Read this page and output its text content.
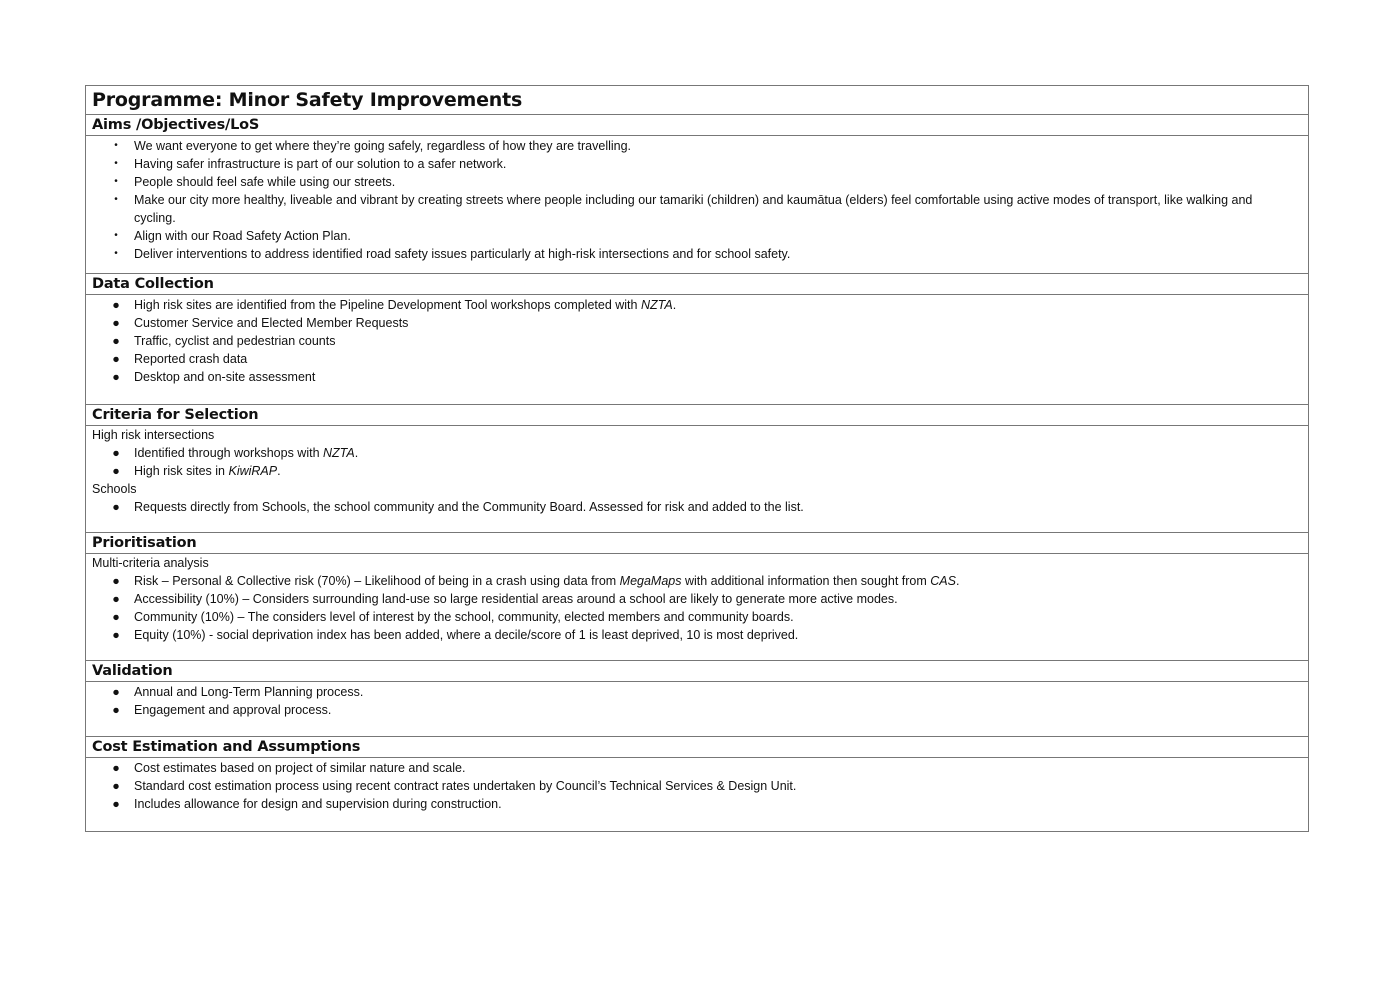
Programme: Minor Safety Improvements
Aims /Objectives/LoS
•	We want everyone to get where they’re going safely, regardless of how they are travelling.
•	Having safer infrastructure is part of our solution to a safer network.
•	People should feel safe while using our streets.
•	Make our city more healthy, liveable and vibrant by creating streets where people including our tamariki (children) and kaumātua (elders) feel comfortable using active modes of transport, like walking and cycling.
•	Align with our Road Safety Action Plan.
•	Deliver interventions to address identified road safety issues particularly at high-risk intersections and for school safety.
Data Collection
● High risk sites are identified from the Pipeline Development Tool workshops completed with NZTA.
● Customer Service and Elected Member Requests
● Traffic, cyclist and pedestrian counts
● Reported crash data
● Desktop and on-site assessment
Criteria for Selection
High risk intersections
● Identified through workshops with NZTA.
● High risk sites in KiwiRAP.
Schools
● Requests directly from Schools, the school community and the Community Board. Assessed for risk and added to the list.
Prioritisation
Multi-criteria analysis
● Risk – Personal & Collective risk (70%) – Likelihood of being in a crash using data from MegaMaps with additional information then sought from CAS.
● Accessibility (10%) – Considers surrounding land-use so large residential areas around a school are likely to generate more active modes.
● Community (10%) – The considers level of interest by the school, community, elected members and community boards.
● Equity (10%) - social deprivation index has been added, where a decile/score of 1 is least deprived, 10 is most deprived.
Validation
● Annual and Long-Term Planning process.
● Engagement and approval process.
Cost Estimation and Assumptions
● Cost estimates based on project of similar nature and scale.
● Standard cost estimation process using recent contract rates undertaken by Council’s Technical Services & Design Unit.
● Includes allowance for design and supervision during construction.
